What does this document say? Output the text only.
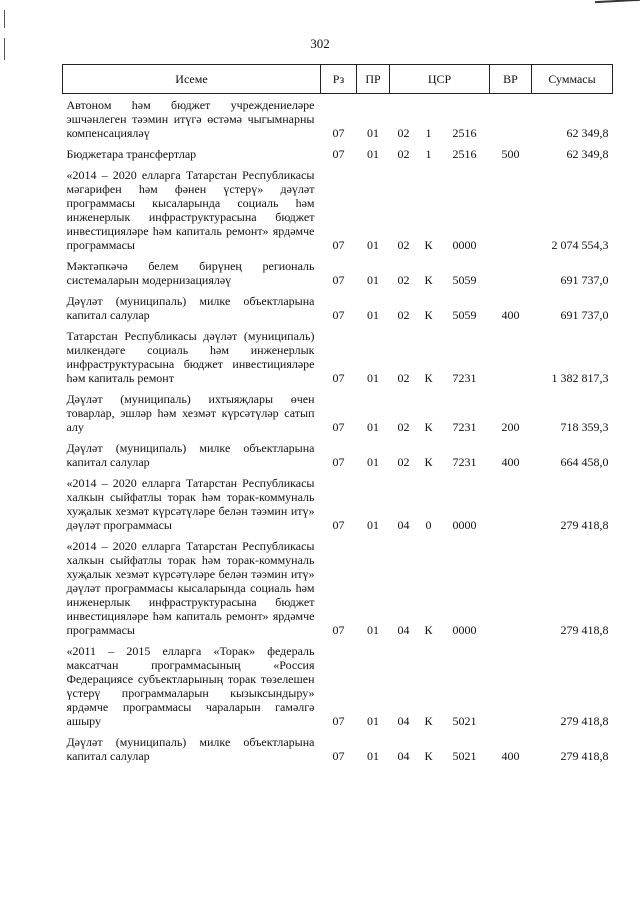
302
Исеме	Рз	ПР	ЦСР			ВР	Суммасы
Автоном һәм бюджет учреждениеләре эшчәнлеген тәэмин итүгә өстәмә чыгымнарны компенсацияләү	07	01	02	1	2516		62 349,8
Бюджетара трансфертлар	07	01	02	1	2516	500	62 349,8
«2014 – 2020 елларга Татарстан Республикасы мәгарифен һәм фәнен үстерү» дәүләт программасы кысаларында социаль һәм инженерлык инфраструктурасына бюджет инвестицияләре һәм капиталь ремонт» ярдәмче программасы	07	01	02	К	0000		2 074 554,3
Мәктәпкәчә белем бирүнең региональ системаларын модернизацияләү	07	01	02	К	5059		691 737,0
Дәүләт (муниципаль) милке объектларына капитал салулар	07	01	02	К	5059	400	691 737,0
Татарстан Республикасы дәүләт (муниципаль) милкендәге социаль һәм инженерлык инфраструктурасына бюджет инвестицияләре һәм капиталь ремонт	07	01	02	К	7231		1 382 817,3
Дәүләт (муниципаль) ихтыяҗлары өчен товарлар, эшләр һәм хезмәт күрсәтүләр сатып алу	07	01	02	К	7231	200	718 359,3
Дәүләт (муниципаль) милке объектларына капитал салулар	07	01	02	К	7231	400	664 458,0
«2014 – 2020 елларга Татарстан Республикасы халкын сыйфатлы торак һәм торак-коммуналь хуҗалык хезмәт күрсәтүләре белән тәэмин итү» дәүләт программасы	07	01	04	0	0000		279 418,8
«2014 – 2020 елларга Татарстан Республикасы халкын сыйфатлы торак һәм торак-коммуналь хуҗалык хезмәт күрсәтүләре белән тәэмин итү» дәүләт программасы кысаларында социаль һәм инженерлык инфраструктурасына бюджет инвестицияләре һәм капиталь ремонт» ярдәмче программасы	07	01	04	К	0000		279 418,8
«2011 – 2015 елларга «Торак» федераль максатчан программасының «Россия Федерациясе субъектларының торак төзелешен үстерү программаларын кызыксындыру» ярдәмче программасы чараларын гамәлгә ашыру	07	01	04	К	5021		279 418,8
Дәүләт (муниципаль) милке объектларына капитал салулар	07	01	04	К	5021	400	279 418,8
